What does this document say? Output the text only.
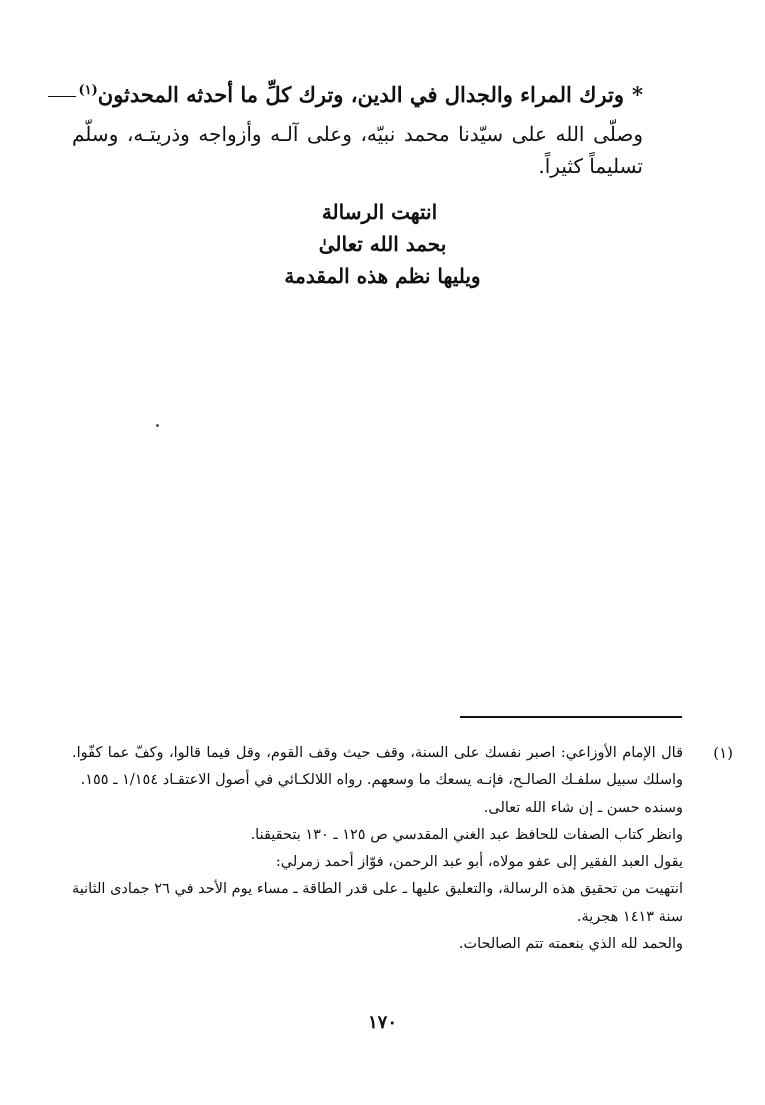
*وترك المراء والجدال في الدين، وترك كلِّ ما أحدثه المحدثون$^{(١)}$
وصلّى الله على سيّدنا محمد نبيّه، وعلى آلـه وأزواجه وذريتـه، وسلّم تسليماً كثيراً.
انتهت الرسالة
بحمد الله تعالىٰ
ويليها نظم هذه المقدمة
(١)

قال الإمام الأوزاعي: اصبر نفسك على السنة، وقف حيث وقف القوم، وقل فيما قالوا، وكفّ عما كفّوا. واسلك سبيل سلفـك الصالـح، فإنـه يسعك ما وسعهم. رواه اللالكـائي في أصول الاعتقـاد ١/١٥٤ ـ ١٥٥.

وسنده حسن ـ إن شاء الله تعالى.

وانظر كتاب الصفات للحافظ عبد الغني المقدسي ص ١٢٥ ـ ١٣٠ بتحقيقنا.

يقول العبد الفقير إلى عفو مولاه، أبو عبد الرحمن، فوّاز أحمد زمرلي:

انتهيت من تحقيق هذه الرسالة، والتعليق عليها ـ على قدر الطاقة ـ مساء يوم الأحد في ٢٦ جمادى الثانية سنة ١٤١٣ هجرية.

والحمد لله الذي بنعمته تتم الصالحات.

١٧٠
